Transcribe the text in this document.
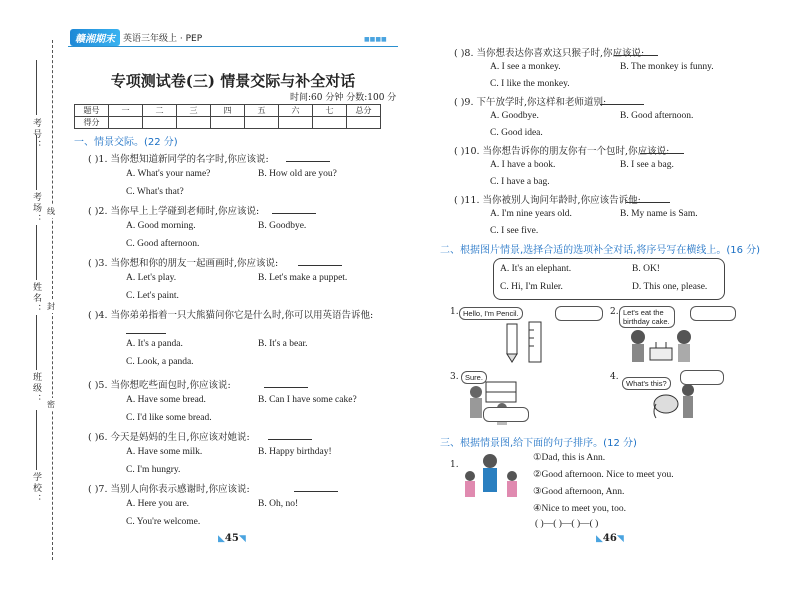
考号：
考场：
姓名：
班级：
学校：
线
封
密
赣湘期末 英语三年级上 · PEP	■■■■
专项测试卷(三) 情景交际与补全对话
时间:60 分钟 分数:100 分
题号	一	二	三	四	五	六	七	总分
得分								
一、情景交际。(22 分)
( )1. 当你想知道新同学的名字时,你应该说:
A. What's your name?	B. How old are you?
C. What's that?
( )2. 当你早上上学碰到老师时,你应该说:
A. Good morning.	B. Goodbye.
C. Good afternoon.
( )3. 当你想和你的朋友一起画画时,你应该说:
A. Let's play.	B. Let's make a puppet.
C. Let's paint.
( )4. 当你弟弟指着一只大熊猫问你它是什么时,你可以用英语告诉他:
A. It's a panda.	B. It's a bear.
C. Look, a panda.
( )5. 当你想吃些面包时,你应该说:
A. Have some bread.	B. Can I have some cake?
C. I'd like some bread.
( )6. 今天是妈妈的生日,你应该对她说:
A. Have some milk.	B. Happy birthday!
C. I'm hungry.
( )7. 当别人向你表示感谢时,你应该说:
A. Here you are.	B. Oh, no!
C. You're welcome.
( )8. 当你想表达你喜欢这只猴子时,你应该说:
A. I see a monkey.	B. The monkey is funny.
C. I like the monkey.
( )9. 下午放学时,你这样和老师道别:
A. Goodbye.	B. Good afternoon.
C. Good idea.
( )10. 当你想告诉你的朋友你有一个包时,你应该说:
A. I have a book.	B. I see a bag.
C. I have a bag.
( )11. 当你被别人询问年龄时,你应该告诉他:
A. I'm nine years old.	B. My name is Sam.
C. I see five.
二、根据图片情景,选择合适的选项补全对话,将序号写在横线上。(16 分)
A. It's an elephant.	B. OK!
C. Hi, I'm Ruler.	D. This one, please.
1. Hello, I'm Pencil.	2. Let's eat the birthday cake.
3. Sure.	4.
What's this?
三、根据情景图,给下面的句子排序。(12 分)
1.
①Dad, this is Ann.
②Good afternoon. Nice to meet you.
③Good afternoon, Ann.
④Nice to meet you, too.
( )—( )—( )—( )
◣45◥	◣46◥
